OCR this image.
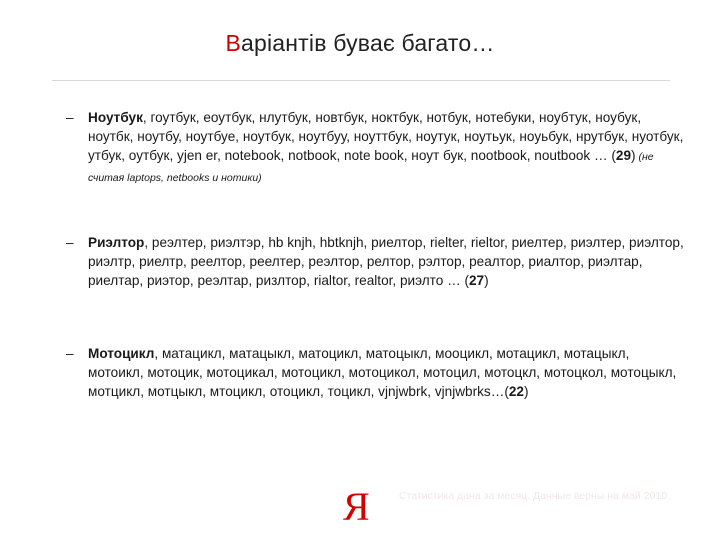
Варіантів буває багато…
– Ноутбук, гоутбук, еоутбук, нлутбук, новтбук, ноктбук, нотбук, нотебуки, ноубтук, ноубук, ноутбк, ноутбу, ноутбуе, ноутбук, ноутбуу, ноуттбук, ноутук, ноутьук, ноуьбук, нрутбук, нуотбук, утбук, оутбук, yjen er, notebook, notbook, note book, ноут бук, nootbook, noutbook … (29) (не считая laptops, netbooks и нотики)
– Риэлтор, реэлтер, риэлтэр, hb knjh, hbtknjh, риелтор, rielter, rieltor, риелтер, риэлтер, риэлтор, риэлтр, риелтр, реелтор, реелтер, реэлтор, релтор, рэлтор, реалтор, риалтор, риэлтар, риелтар, риэтор, реэлтар, ризлтор, rialtor, realtor, риэлто … (27)
– Мотоцикл, матацикл, матацыкл, матоцикл, матоцыкл, мооцикл, мотацикл, мотацыкл, мотоикл, мотоцик, мотоцикал, мотоцикл, мотоцикол, мотоцил, мотоцкл, мотоцкол, мотоцыкл, мотцикл, мотцыкл, мтоцикл, отоцикл, тоцикл, vjnjwbrk, vjnjwbrks…(22)
Я	Статистика дана за месяц. Данные верны на май 2010
